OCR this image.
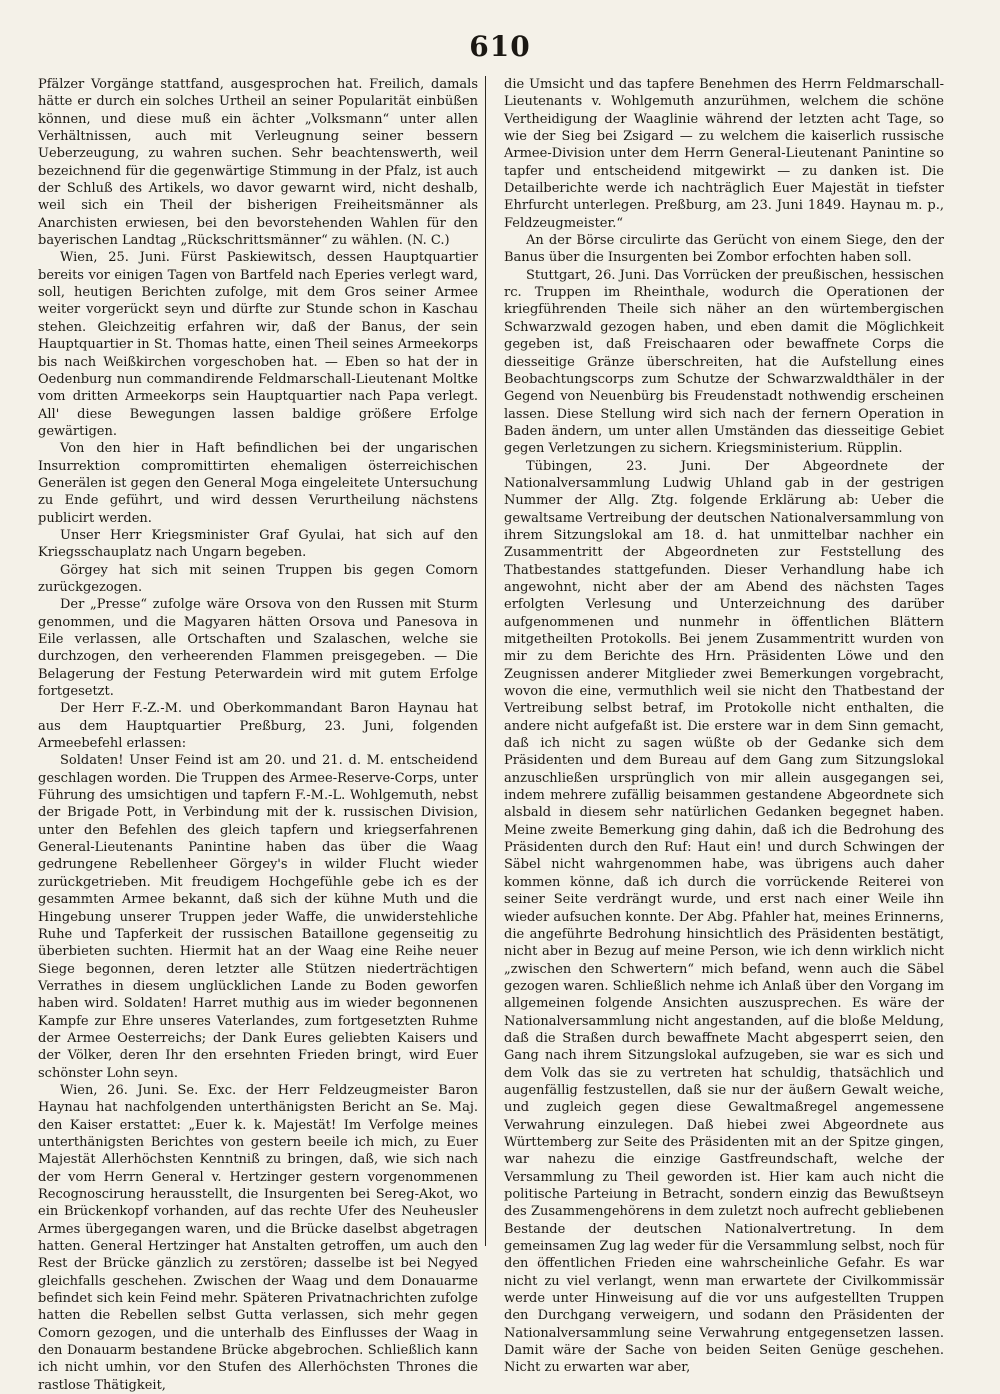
610

Pfälzer Vorgänge stattfand, ausgesprochen hat. Freilich, damals hätte er durch ein solches Urtheil an seiner Popularität einbüßen können, und diese muß ein ächter „Volksmann“ unter allen Verhältnissen, auch mit Verleugnung seiner bessern Ueberzeugung, zu wahren suchen. Sehr beachtenswerth, weil bezeichnend für die gegenwärtige Stimmung in der Pfalz, ist auch der Schluß des Artikels, wo davor gewarnt wird, nicht deshalb, weil sich ein Theil der bisherigen Freiheitsmänner als Anarchisten erwiesen, bei den bevorstehenden Wahlen für den bayerischen Landtag „Rückschrittsmänner“ zu wählen. (N. C.)

Wien, 25. Juni. Fürst Paskiewitsch, dessen Hauptquartier bereits vor einigen Tagen von Bartfeld nach Eperies verlegt ward, soll, heutigen Berichten zufolge, mit dem Gros seiner Armee weiter vorgerückt seyn und dürfte zur Stunde schon in Kaschau stehen. Gleichzeitig erfahren wir, daß der Banus, der sein Hauptquartier in St. Thomas hatte, einen Theil seines Armeekorps bis nach Weißkirchen vorgeschoben hat. — Eben so hat der in Oedenburg nun commandirende Feldmarschall-Lieutenant Moltke vom dritten Armeekorps sein Hauptquartier nach Papa verlegt. All' diese Bewegungen lassen baldige größere Erfolge gewärtigen.

Von den hier in Haft befindlichen bei der ungarischen Insurrektion compromittirten ehemaligen österreichischen Generälen ist gegen den General Moga eingeleitete Untersuchung zu Ende geführt, und wird dessen Verurtheilung nächstens publicirt werden.

Unser Herr Kriegsminister Graf Gyulai, hat sich auf den Kriegsschauplatz nach Ungarn begeben.

Görgey hat sich mit seinen Truppen bis gegen Comorn zurückgezogen.

Der „Presse“ zufolge wäre Orsova von den Russen mit Sturm genommen, und die Magyaren hätten Orsova und Panesova in Eile verlassen, alle Ortschaften und Szalaschen, welche sie durchzogen, den verheerenden Flammen preisgegeben. — Die Belagerung der Festung Peterwardein wird mit gutem Erfolge fortgesetzt.

Der Herr F.-Z.-M. und Oberkommandant Baron Haynau hat aus dem Hauptquartier Preßburg, 23. Juni, folgenden Armeebefehl erlassen:

Soldaten! Unser Feind ist am 20. und 21. d. M. entscheidend geschlagen worden. Die Truppen des Armee-Reserve-Corps, unter Führung des umsichtigen und tapfern F.-M.-L. Wohlgemuth, nebst der Brigade Pott, in Verbindung mit der k. russischen Division, unter den Befehlen des gleich tapfern und kriegserfahrenen General-Lieutenants Panintine haben das über die Waag gedrungene Rebellenheer Görgey's in wilder Flucht wieder zurückgetrieben. Mit freudigem Hochgefühle gebe ich es der gesammten Armee bekannt, daß sich der kühne Muth und die Hingebung unserer Truppen jeder Waffe, die unwiderstehliche Ruhe und Tapferkeit der russischen Bataillone gegenseitig zu überbieten suchten. Hiermit hat an der Waag eine Reihe neuer Siege begonnen, deren letzter alle Stützen niederträchtigen Verrathes in diesem unglücklichen Lande zu Boden geworfen haben wird. Soldaten! Harret muthig aus im wieder begonnenen Kampfe zur Ehre unseres Vaterlandes, zum fortgesetzten Ruhme der Armee Oesterreichs; der Dank Eures geliebten Kaisers und der Völker, deren Ihr den ersehnten Frieden bringt, wird Euer schönster Lohn seyn.

Wien, 26. Juni. Se. Exc. der Herr Feldzeugmeister Baron Haynau hat nachfolgenden unterthänigsten Bericht an Se. Maj. den Kaiser erstattet: „Euer k. k. Majestät! Im Verfolge meines unterthänigsten Berichtes von gestern beeile ich mich, zu Euer Majestät Allerhöchsten Kenntniß zu bringen, daß, wie sich nach der vom Herrn General v. Hertzinger gestern vorgenommenen Recognoscirung herausstellt, die Insurgenten bei Sereg-Akot, wo ein Brückenkopf vorhanden, auf das rechte Ufer des Neuheusler Armes übergegangen waren, und die Brücke daselbst abgetragen hatten. General Hertzinger hat Anstalten getroffen, um auch den Rest der Brücke gänzlich zu zerstören; dasselbe ist bei Negyed gleichfalls geschehen. Zwischen der Waag und dem Donauarme befindet sich kein Feind mehr. Späteren Privatnachrichten zufolge hatten die Rebellen selbst Gutta verlassen, sich mehr gegen Comorn gezogen, und die unterhalb des Einflusses der Waag in den Donauarm bestandene Brücke abgebrochen. Schließlich kann ich nicht umhin, vor den Stufen des Allerhöchsten Thrones die rastlose Thätigkeit,

die Umsicht und das tapfere Benehmen des Herrn Feldmarschall-Lieutenants v. Wohlgemuth anzurühmen, welchem die schöne Vertheidigung der Waaglinie während der letzten acht Tage, so wie der Sieg bei Zsigard — zu welchem die kaiserlich russische Armee-Division unter dem Herrn General-Lieutenant Panintine so tapfer und entscheidend mitgewirkt — zu danken ist. Die Detailberichte werde ich nachträglich Euer Majestät in tiefster Ehrfurcht unterlegen. Preßburg, am 23. Juni 1849. Haynau m. p., Feldzeugmeister.“

An der Börse circulirte das Gerücht von einem Siege, den der Banus über die Insurgenten bei Zombor erfochten haben soll.

Stuttgart, 26. Juni. Das Vorrücken der preußischen, hessischen rc. Truppen im Rheinthale, wodurch die Operationen der kriegführenden Theile sich näher an den würtembergischen Schwarzwald gezogen haben, und eben damit die Möglichkeit gegeben ist, daß Freischaaren oder bewaffnete Corps die diesseitige Gränze überschreiten, hat die Aufstellung eines Beobachtungscorps zum Schutze der Schwarzwaldthäler in der Gegend von Neuenbürg bis Freudenstadt nothwendig erscheinen lassen. Diese Stellung wird sich nach der fernern Operation in Baden ändern, um unter allen Umständen das diesseitige Gebiet gegen Verletzungen zu sichern. Kriegsministerium. Rüpplin.

Tübingen, 23. Juni. Der Abgeordnete der Nationalversammlung Ludwig Uhland gab in der gestrigen Nummer der Allg. Ztg. folgende Erklärung ab: Ueber die gewaltsame Vertreibung der deutschen Nationalversammlung von ihrem Sitzungslokal am 18. d. hat unmittelbar nachher ein Zusammentritt der Abgeordneten zur Feststellung des Thatbestandes stattgefunden. Dieser Verhandlung habe ich angewohnt, nicht aber der am Abend des nächsten Tages erfolgten Verlesung und Unterzeichnung des darüber aufgenommenen und nunmehr in öffentlichen Blättern mitgetheilten Protokolls. Bei jenem Zusammentritt wurden von mir zu dem Berichte des Hrn. Präsidenten Löwe und den Zeugnissen anderer Mitglieder zwei Bemerkungen vorgebracht, wovon die eine, vermuthlich weil sie nicht den Thatbestand der Vertreibung selbst betraf, im Protokolle nicht enthalten, die andere nicht aufgefaßt ist. Die erstere war in dem Sinn gemacht, daß ich nicht zu sagen wüßte ob der Gedanke sich dem Präsidenten und dem Bureau auf dem Gang zum Sitzungslokal anzuschließen ursprünglich von mir allein ausgegangen sei, indem mehrere zufällig beisammen gestandene Abgeordnete sich alsbald in diesem sehr natürlichen Gedanken begegnet haben. Meine zweite Bemerkung ging dahin, daß ich die Bedrohung des Präsidenten durch den Ruf: Haut ein! und durch Schwingen der Säbel nicht wahrgenommen habe, was übrigens auch daher kommen könne, daß ich durch die vorrückende Reiterei von seiner Seite verdrängt wurde, und erst nach einer Weile ihn wieder aufsuchen konnte. Der Abg. Pfahler hat, meines Erinnerns, die angeführte Bedrohung hinsichtlich des Präsidenten bestätigt, nicht aber in Bezug auf meine Person, wie ich denn wirklich nicht „zwischen den Schwertern“ mich befand, wenn auch die Säbel gezogen waren. Schließlich nehme ich Anlaß über den Vorgang im allgemeinen folgende Ansichten auszusprechen. Es wäre der Nationalversammlung nicht angestanden, auf die bloße Meldung, daß die Straßen durch bewaffnete Macht abgesperrt seien, den Gang nach ihrem Sitzungslokal aufzugeben, sie war es sich und dem Volk das sie zu vertreten hat schuldig, thatsächlich und augenfällig festzustellen, daß sie nur der äußern Gewalt weiche, und zugleich gegen diese Gewaltmaßregel angemessene Verwahrung einzulegen. Daß hiebei zwei Abgeordnete aus Württemberg zur Seite des Präsidenten mit an der Spitze gingen, war nahezu die einzige Gastfreundschaft, welche der Versammlung zu Theil geworden ist. Hier kam auch nicht die politische Parteiung in Betracht, sondern einzig das Bewußtseyn des Zusammengehörens in dem zuletzt noch aufrecht gebliebenen Bestande der deutschen Nationalvertretung. In dem gemeinsamen Zug lag weder für die Versammlung selbst, noch für den öffentlichen Frieden eine wahrscheinliche Gefahr. Es war nicht zu viel verlangt, wenn man erwartete der Civilkommissär werde unter Hinweisung auf die vor uns aufgestellten Truppen den Durchgang verweigern, und sodann den Präsidenten der Nationalversammlung seine Verwahrung entgegensetzen lassen. Damit wäre der Sache von beiden Seiten Genüge geschehen. Nicht zu erwarten war aber,
